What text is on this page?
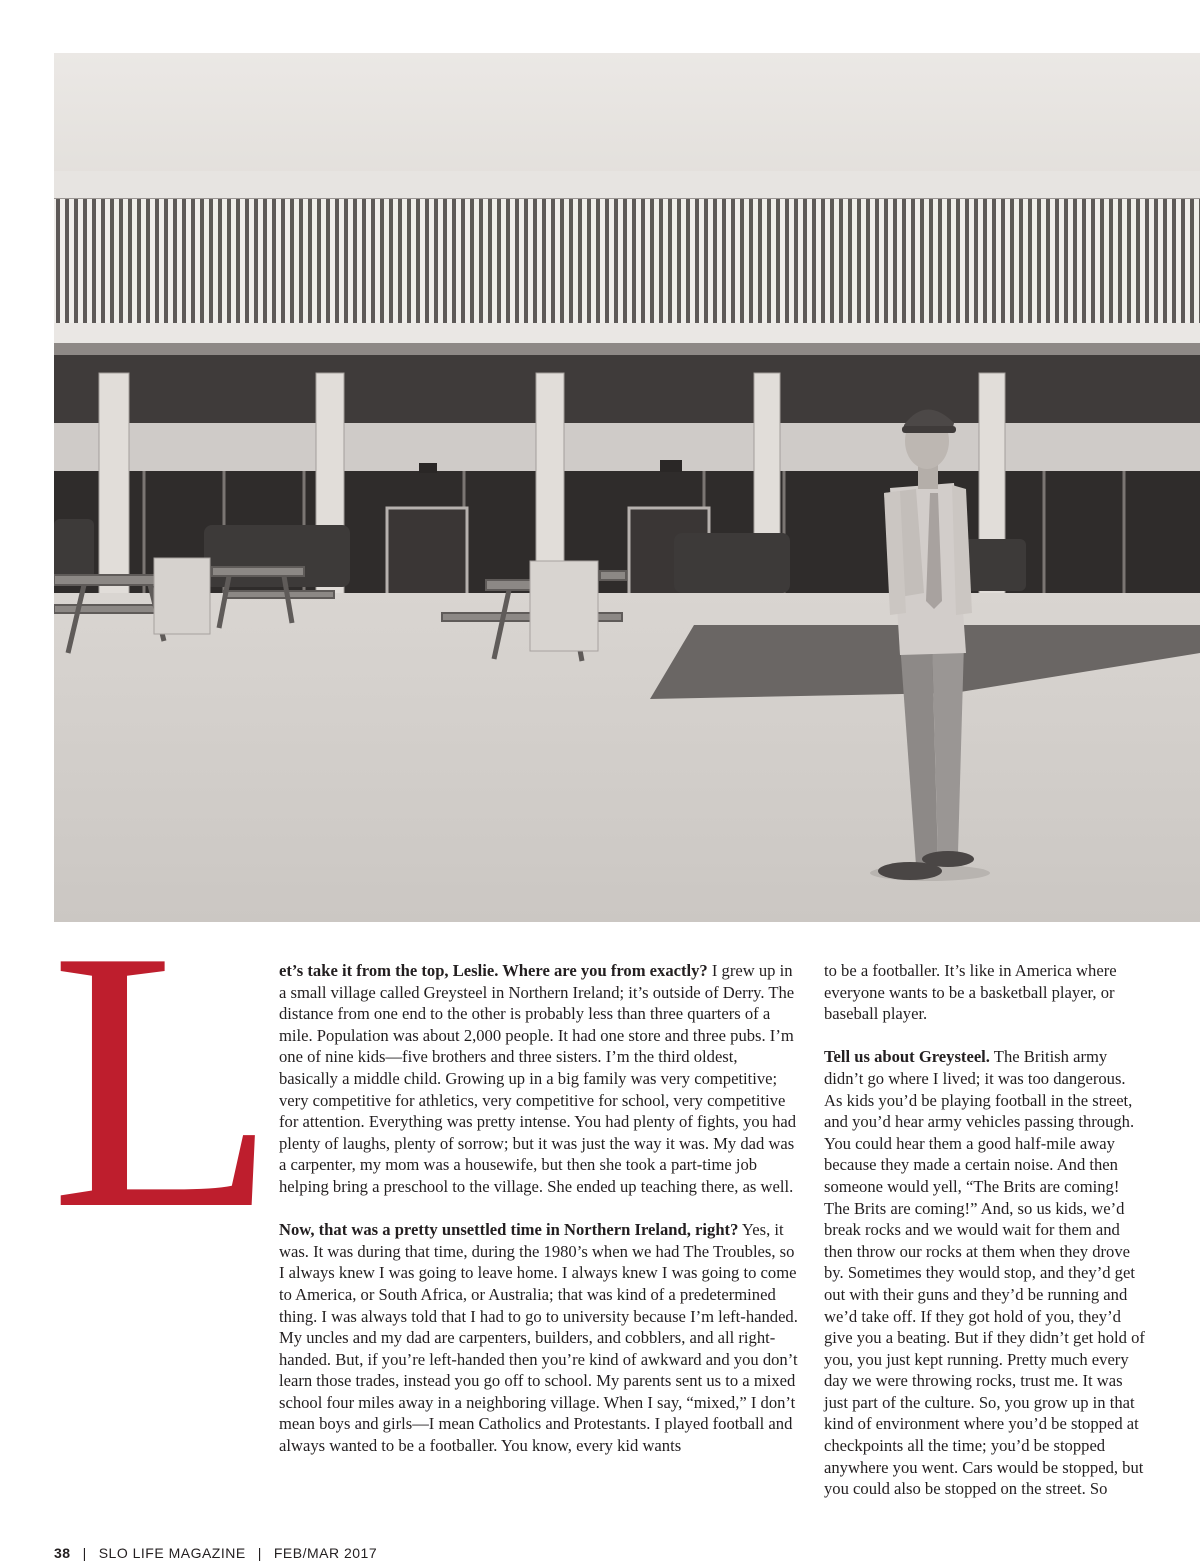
L et’s take it from the top, Leslie. Where are you from exactly? I grew up in a small village called Greysteel in Northern Ireland; it’s outside of Derry. The distance from one end to the other is probably less than three quarters of a mile. Population was about 2,000 people. It had one store and three pubs. I’m one of nine kids—five brothers and three sisters. I’m the third oldest, basically a middle child. Growing up in a big family was very competitive; very competitive for athletics, very competitive for school, very competitive for attention. Everything was pretty intense. You had plenty of fights, you had plenty of laughs, plenty of sorrow; but it was just the way it was. My dad was a carpenter, my mom was a housewife, but then she took a part-time job helping bring a preschool to the village. She ended up teaching there, as well.

Now, that was a pretty unsettled time in Northern Ireland, right? Yes, it was. It was during that time, during the 1980’s when we had The Troubles, so I always knew I was going to leave home. I always knew I was going to come to America, or South Africa, or Australia; that was kind of a predetermined thing. I was always told that I had to go to university because I’m left-handed. My uncles and my dad are carpenters, builders, and cobblers, and all right-handed. But, if you’re left-handed then you’re kind of awkward and you don’t learn those trades, instead you go off to school. My parents sent us to a mixed school four miles away in a neighboring village. When I say, “mixed,” I don’t mean boys and girls—I mean Catholics and Protestants. I played football and always wanted to be a footballer. You know, every kid wants

to be a footballer. It’s like in America where everyone wants to be a basketball player, or baseball player.

Tell us about Greysteel. The British army didn’t go where I lived; it was too dangerous. As kids you’d be playing football in the street, and you’d hear army vehicles passing through. You could hear them a good half-mile away because they made a certain noise. And then someone would yell, “The Brits are coming! The Brits are coming!” And, so us kids, we’d break rocks and we would wait for them and then throw our rocks at them when they drove by. Sometimes they would stop, and they’d get out with their guns and they’d be running and we’d take off. If they got hold of you, they’d give you a beating. But if they didn’t get hold of you, you just kept running. Pretty much every day we were throwing rocks, trust me. It was just part of the culture. So, you grow up in that kind of environment where you’d be stopped at checkpoints all the time; you’d be stopped anywhere you went. Cars would be stopped, but you could also be stopped on the street. So

38 | SLO LIFE MAGAZINE | FEB/MAR 2017
